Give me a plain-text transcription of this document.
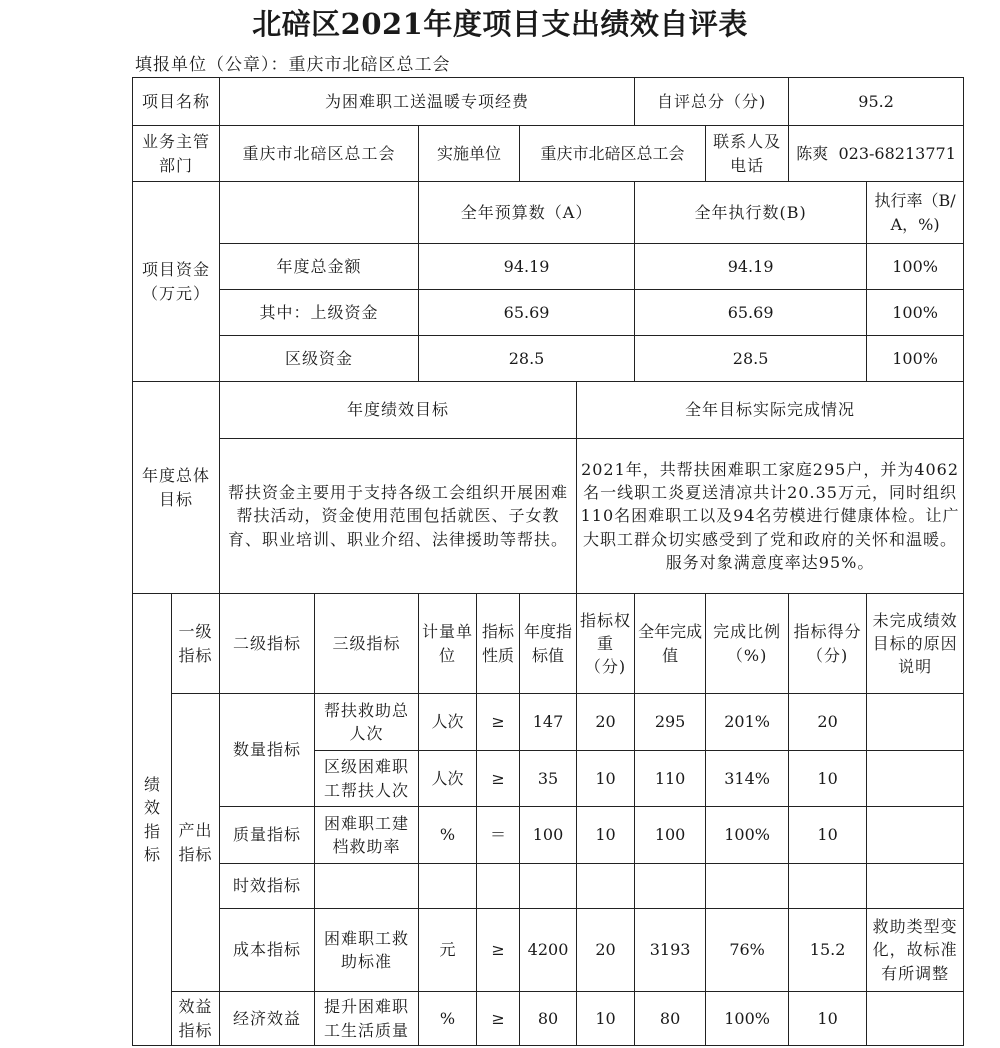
北碚区2021年度项目支出绩效自评表
填报单位（公章）：重庆市北碚区总工会
项目名称		为困难职工送温暖专项经费						自评总分（分)		95.2	
业务主管部门		重庆市北碚区总工会		实施单位		重庆市北碚区总工会			联系人及电话	陈爽 023-68213771	
项目资金（万元）				全年预算数（A）				全年执行数(B)			执行率（B/A，%)
		年度总金额		94.19				94.19			100%
		其中：上级资金		65.69				65.69			100%
		区级资金		28.5				28.5			100%
年度总体目标		年度绩效目标					全年目标实际完成情况				
		帮扶资金主要用于支持各级工会组织开展困难帮扶活动，资金使用范围包括就医、子女教育、职业培训、职业介绍、法律援助等帮扶。					2021年，共帮扶困难职工家庭295户，并为4062名一线职工炎夏送清凉共计20.35万元，同时组织110名困难职工以及94名劳模进行健康体检。让广大职工群众切实感受到了党和政府的关怀和温暖。服务对象满意度率达95%。				
绩效指标	一级指标	二级指标	三级指标	计量单位	指标性质	年度指标值	指标权重（分)	全年完成值	完成比例（%)	指标得分（分)	未完成绩效目标的原因说明
	产出指标	数量指标	帮扶救助总人次	人次	≥	147	20	295	201%	20	
			区级困难职工帮扶人次	人次	≥	35	10	110	314%	10	
		质量指标	困难职工建档救助率	%	＝	100	10	100	100%	10	
		时效指标									
		成本指标	困难职工救助标准	元	≥	4200	20	3193	76%	15.2	救助类型变化，故标准有所调整
	效益指标	经济效益	提升困难职工生活质量	%	≥	80	10	80	100%	10	
